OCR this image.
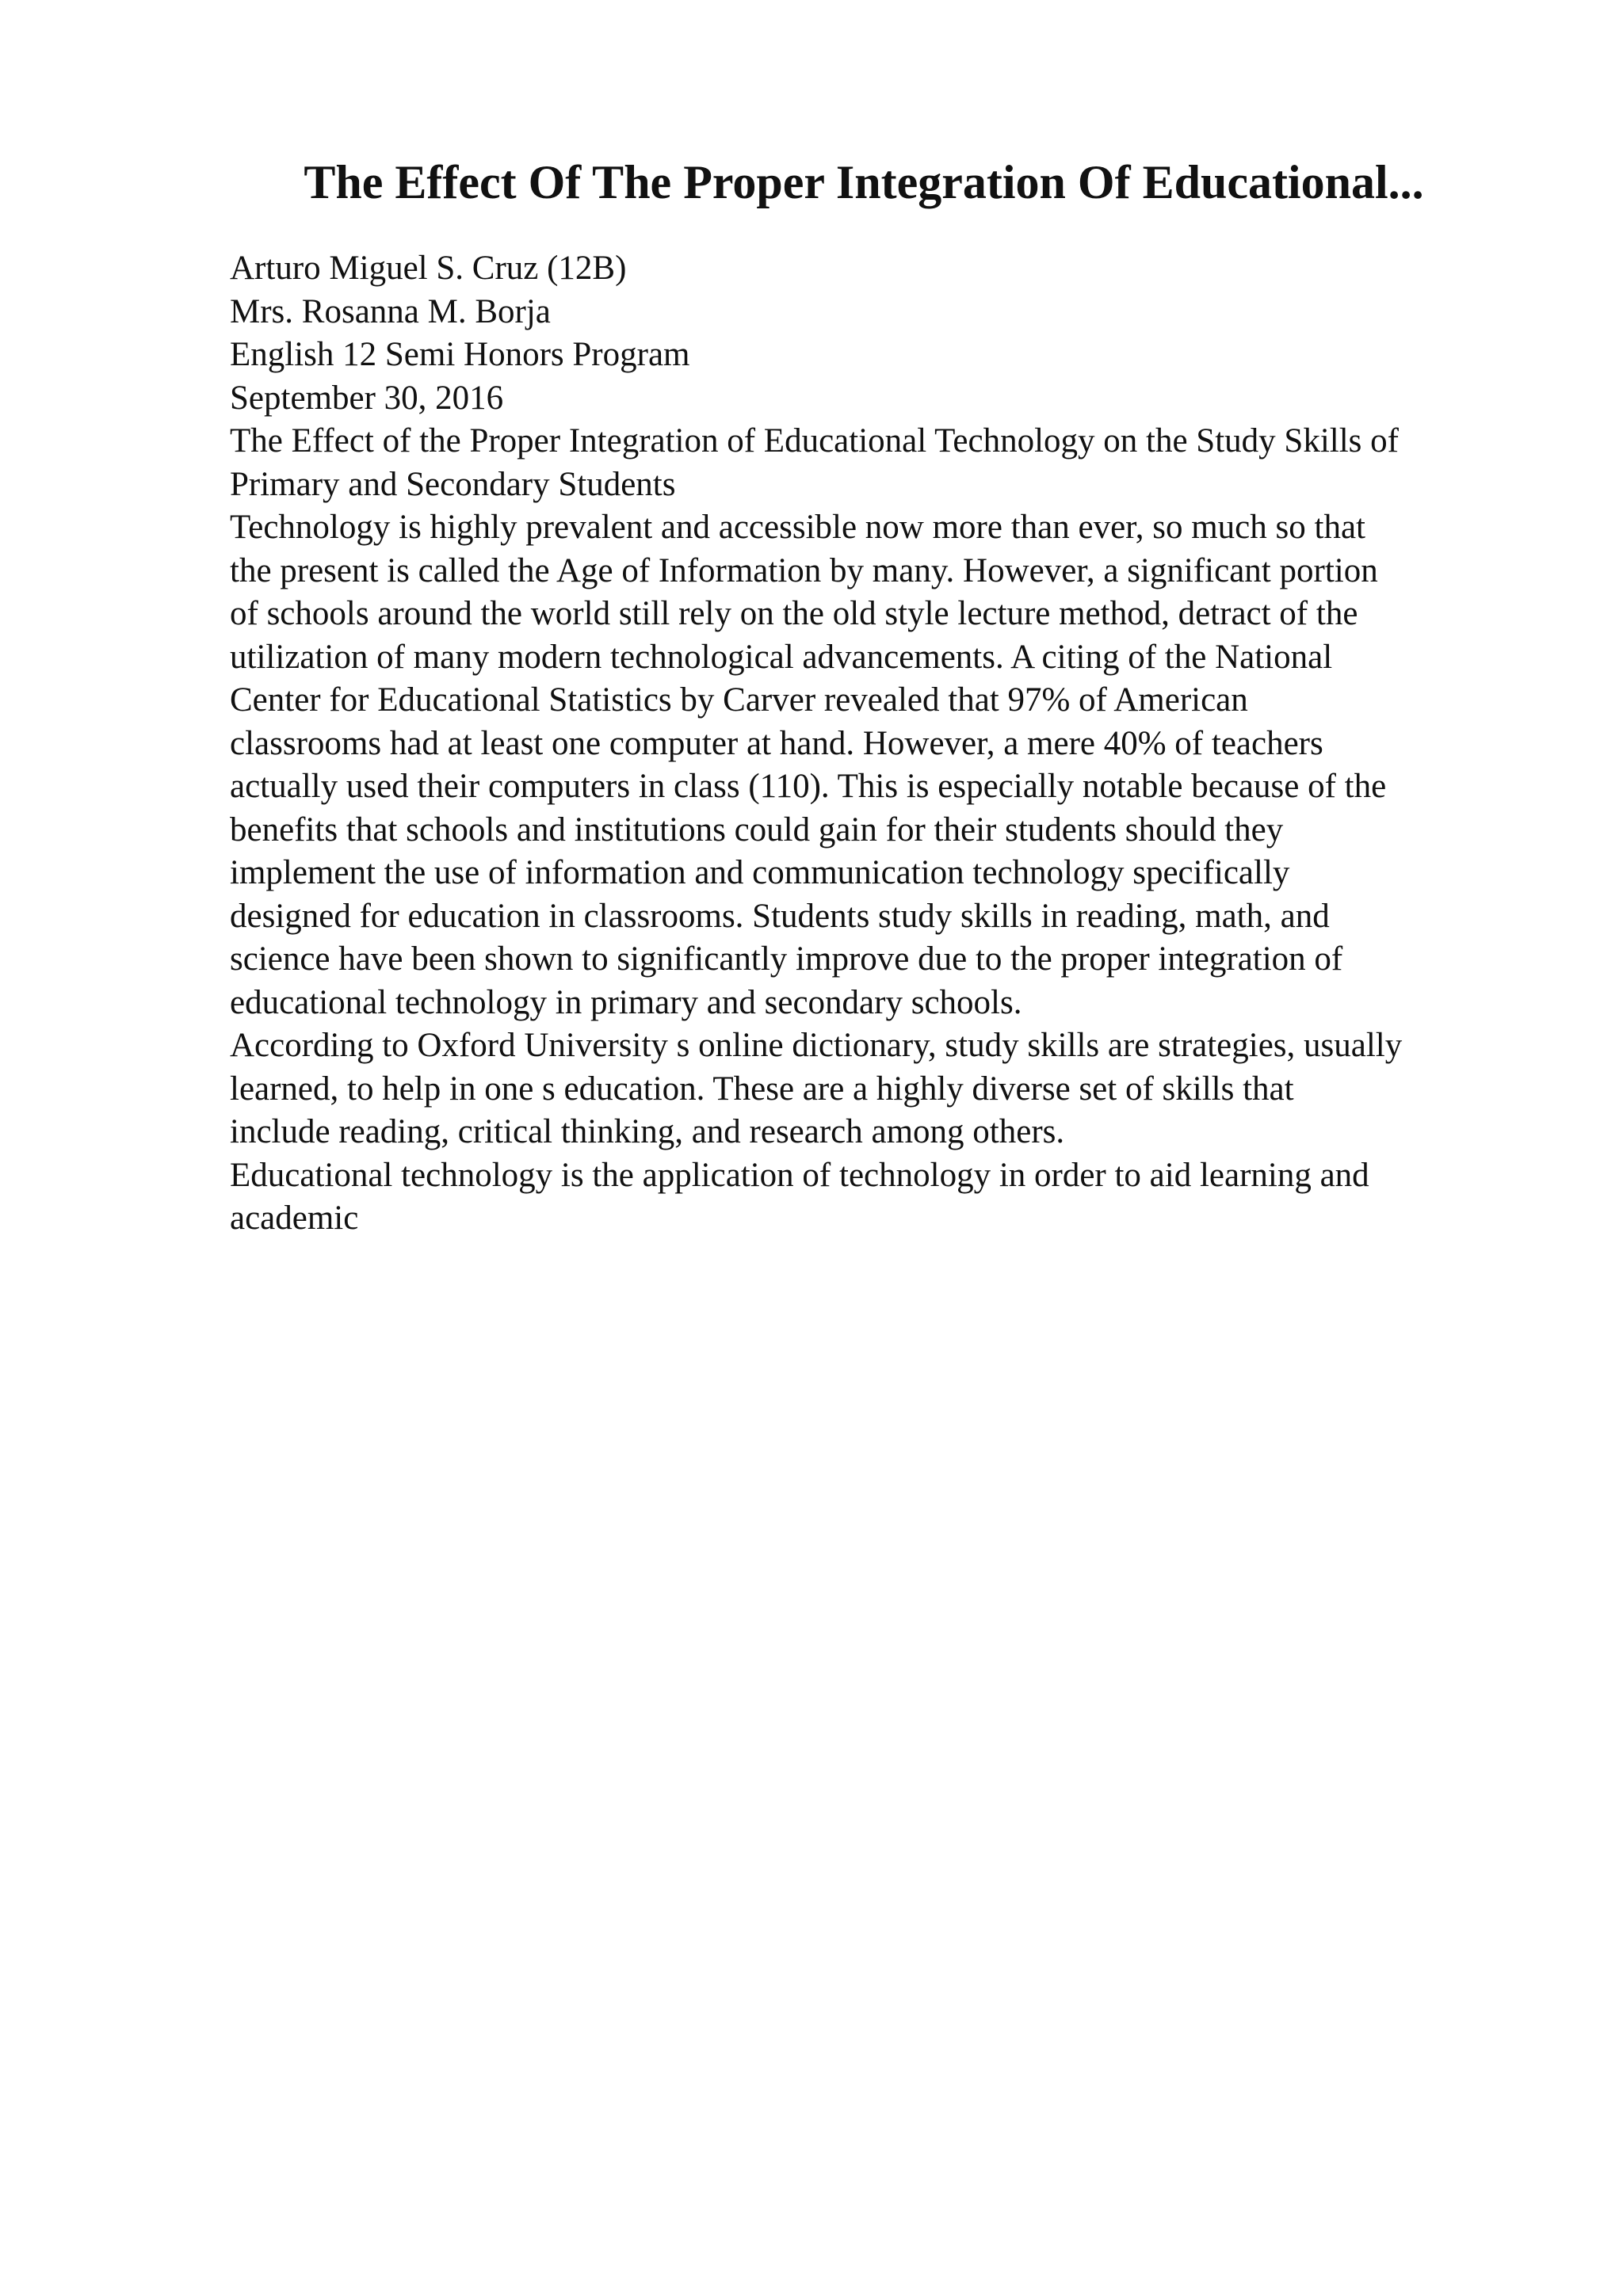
The Effect Of The Proper Integration Of Educational...
Arturo Miguel S. Cruz (12B)
Mrs. Rosanna M. Borja
English 12 Semi Honors Program
September 30, 2016
The Effect of the Proper Integration of Educational Technology on the Study Skills of
Primary and Secondary Students
Technology is highly prevalent and accessible now more than ever, so much so that
the present is called the Age of Information by many. However, a significant portion
of schools around the world still rely on the old style lecture method, detract of the
utilization of many modern technological advancements. A citing of the National
Center for Educational Statistics by Carver revealed that 97% of American
classrooms had at least one computer at hand. However, a mere 40% of teachers
actually used their computers in class (110). This is especially notable because of the
benefits that schools and institutions could gain for their students should they
implement the use of information and communication technology specifically
designed for education in classrooms. Students study skills in reading, math, and
science have been shown to significantly improve due to the proper integration of
educational technology in primary and secondary schools.
According to Oxford University s online dictionary, study skills are strategies, usually
learned, to help in one s education. These are a highly diverse set of skills that
include reading, critical thinking, and research among others.
Educational technology is the application of technology in order to aid learning and
academic
